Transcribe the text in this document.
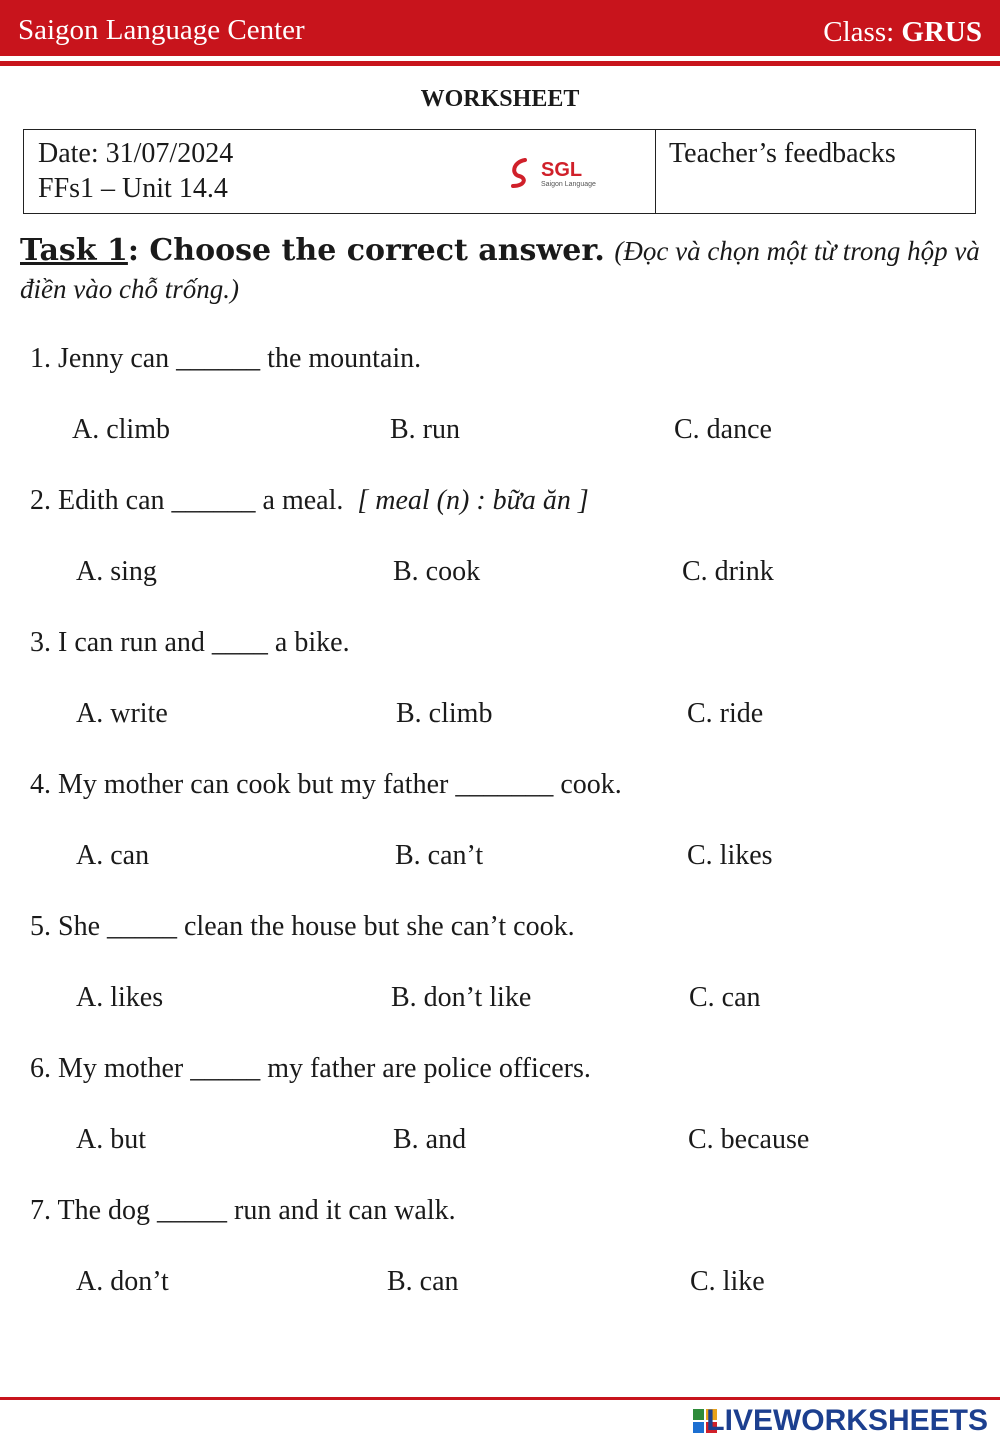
Saigon Language Center	Class: GRUS
WORKSHEET
Date: 31/07/2024
FFs1 – Unit 14.4
SGL
Saigon Language
Teacher’s feedbacks
Task 1: Choose the correct answer. (Đọc và chọn một từ trong hộp và điền vào chỗ trống.)
1. Jenny can ______ the mountain.
A. climb	B. run	C. dance
2. Edith can ______ a meal. [ meal (n) : bữa ăn ]
A. sing	B. cook	C. drink
3. I can run and ____ a bike.
A. write	B. climb	C. ride
4. My mother can cook but my father _______ cook.
A. can	B. can’t	C. likes
5. She _____ clean the house but she can’t cook.
A. likes	B. don’t like	C. can
6. My mother _____ my father are police officers.
A. but	B. and	C. because
7. The dog _____ run and it can walk.
A. don’t	B. can	C. like
LIVEWORKSHEETS
